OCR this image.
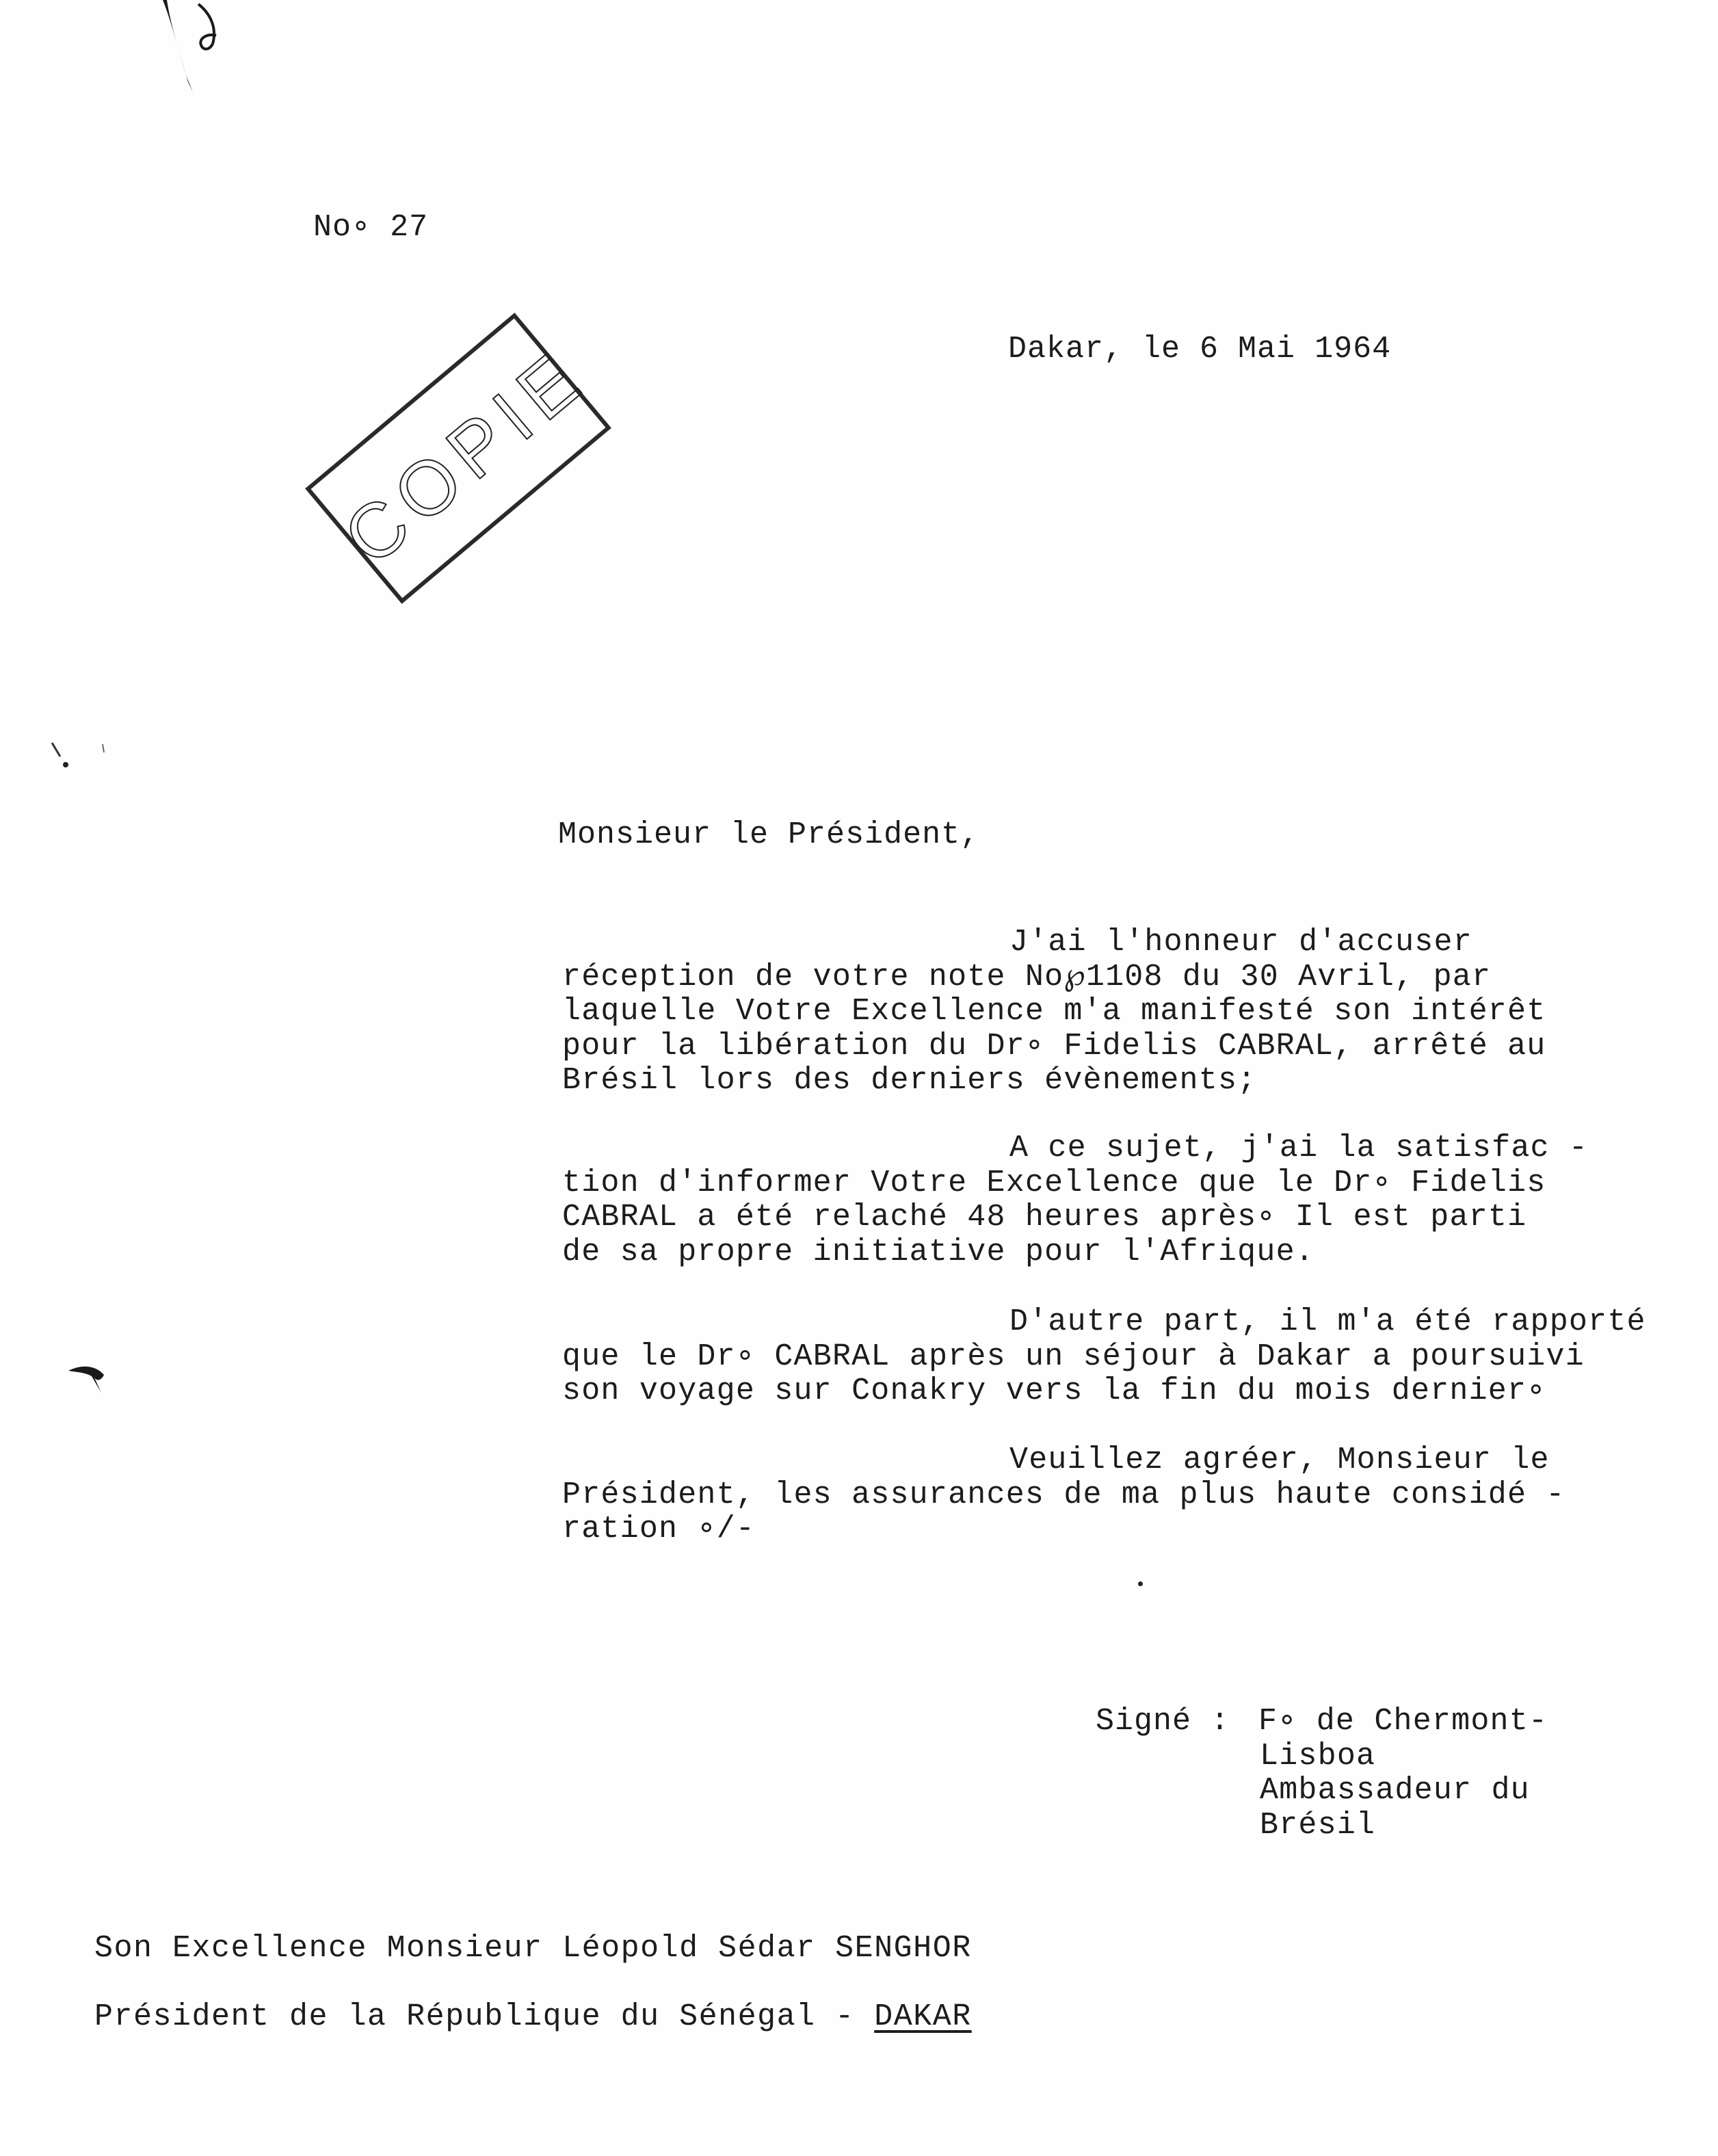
No∘ 27
Dakar, le 6 Mai 1964
COPIE
Monsieur le Président,
J'ai l'honneur d'accuser
réception de votre note No℘1108 du 30 Avril, par
laquelle Votre Excellence m'a manifesté son intérêt
pour la libération du Dr∘ Fidelis CABRAL, arrêté au
Brésil lors des derniers évènements;
A ce sujet, j'ai la satisfac -
tion d'informer Votre Excellence que le Dr∘ Fidelis
CABRAL a été relaché 48 heures après∘ Il est parti
de sa propre initiative pour l'Afrique.
D'autre part, il m'a été rapporté
que le Dr∘ CABRAL après un séjour à Dakar a poursuivi
son voyage sur Conakry vers la fin du mois dernier∘
Veuillez agréer, Monsieur le
Président, les assurances de ma plus haute considé -
ration ∘/-
Signé : F∘ de Chermont-
Lisboa
Ambassadeur du
Brésil
Son Excellence Monsieur Léopold Sédar SENGHOR
Président de la République du Sénégal - DAKAR
